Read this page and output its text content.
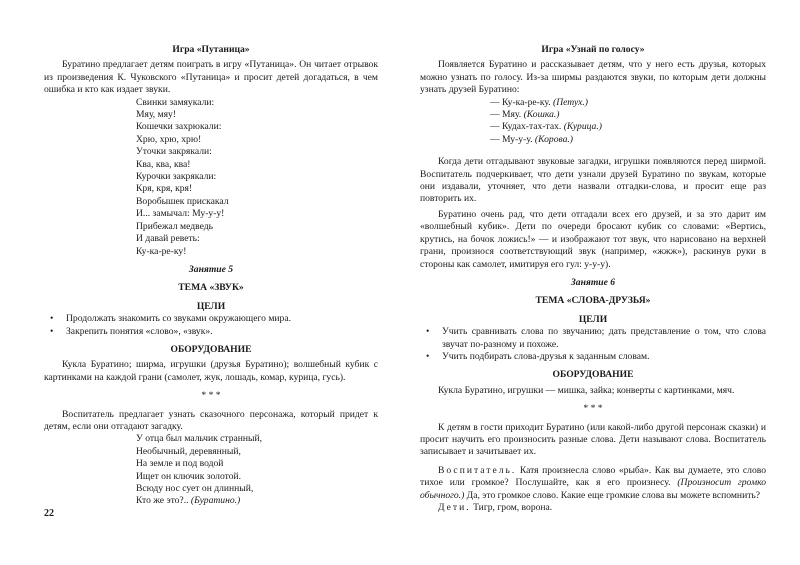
Игра «Путаница»

Буратино предлагает детям поиграть в игру «Путаница». Он читает отрывок из произведения К. Чуковского «Путаница» и просит детей догадаться, в чем ошибка и кто как издает звуки.

Свинки замяукали:
Мяу, мяу!
Кошечки захрюкали:
Хрю, хрю, хрю!
Уточки закрякали:
Ква, ква, ква!
Курочки закрякали:
Кря, кря, кря!
Воробышек прискакал
И... замычал: Му-у-у!
Прибежал медведь
И давай реветь:
Ку-ка-ре-ку!
Занятие 5
ТЕМА «ЗВУК»
ЦЕЛИ
• Продолжать знакомить со звуками окружающего мира.
• Закрепить понятия «слово», «звук».
ОБОРУДОВАНИЕ

Кукла Буратино; ширма, игрушки (друзья Буратино); волшебный кубик с картинками на каждой грани (самолет, жук, лошадь, комар, курица, гусь).

* * *

Воспитатель предлагает узнать сказочного персонажа, который придет к детям, если они отгадают загадку.

У отца был мальчик странный,
Необычный, деревянный,
На земле и под водой
Ищет он ключик золотой.
Всюду нос сует он длинный,
Кто же это?.. (Буратино.)
22
Игра «Узнай по голосу»

Появляется Буратино и рассказывает детям, что у него есть друзья, которых можно узнать по голосу. Из-за ширмы раздаются звуки, по которым дети должны узнать друзей Буратино:

— Ку-ка-ре-ку. (Петух.)
— Мяу. (Кошка.)
— Кудах-тах-тах. (Курица.)
— Му-у-у. (Корова.)

Когда дети отгадывают звуковые загадки, игрушки появляются перед ширмой. Воспитатель подчеркивает, что дети узнали друзей Буратино по звукам, которые они издавали, уточняет, что дети назвали отгадки-слова, и просит еще раз повторить их.

Буратино очень рад, что дети отгадали всех его друзей, и за это дарит им «волшебный кубик». Дети по очереди бросают кубик со словами: «Вертись, крутись, на бочок ложись!» — и изображают тот звук, что нарисовано на верхней грани, произнося соответствующий звук (например, «жжж»), раскинув руки в стороны как самолет, имитируя его гул: у-у-у).

Занятие 6
ТЕМА «СЛОВА-ДРУЗЬЯ»
ЦЕЛИ
• Учить сравнивать слова по звучанию; дать представление о том, что слова звучат по-разному и похоже.
• Учить подбирать слова-друзья к заданным словам.
ОБОРУДОВАНИЕ

Кукла Буратино, игрушки — мишка, зайка; конверты с картинками, мяч.

* * *

К детям в гости приходит Буратино (или какой-либо другой персонаж сказки) и просит научить его произносить разные слова. Дети называют слова. Воспитатель записывает и зачитывает их.

Воспитатель. Катя произнесла слово «рыба». Как вы думаете, это слово тихое или громкое? Послушайте, как я его произнесу. (Произносит громко обычного.) Да, это громкое слово. Какие еще громкие слова вы можете вспомнить?

Дети. Тигр, гром, ворона.
